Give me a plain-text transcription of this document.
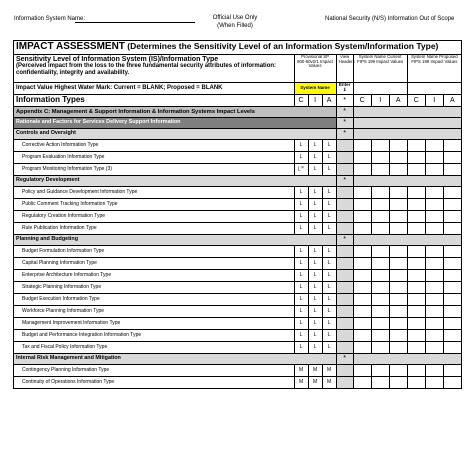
Information System Name:	Official Use Only
(When Filled)
National Security (N/S) Information Out of Scope
IMPACT ASSESSMENT (Determines the Sensitivity Level of an Information System/Information Type)										

Sensitivity Level of Information System (IS)/Information Type
(Perceived impact from the loss to the three fundamental security attributes of information: confidentiality, integrity and availability.	Provisional SP 800-60v2r1 Impact Values			View Headers	System Name Current FIPS 199 Impact Values			System Name Proposed FIPS 199 Impact Values		
Impact Value Highest Water Mark: Current = BLANK; Proposed = BLANK	System Name			Enter
⇓						
Information Types	C	I	A	*	C	I	A	C	I	A
Appendix C: Management & Support Information & Information Systems Impact Levels				*						
Rationale and Factors for Services Delivery Support Information				*						
Controls and Oversight				*						
Corrective Action Information Type	L	L	L							
Program Evaluation Information Type	L	L	L							
Program Monitoring Information Type (3)	$L^{(1)}$	L	L							
Regulatory Development				*						
Policy and Guidance Development Information Type	L	L	L							
Public Comment Tracking Information Type	L	L	L							
Regulatory Creation Information Type	L	L	L							
Rule Publication Information Type	L	L	L							
Planning and Budgeting				*						
Budget Formulation Information Type	L	L	L							
Capital Planning Information Type	L	L	L							
Enterprise Architecture Information Type	L	L	L							
Strategic Planning Information Type	L	L	L							
Budget Execution Information Type	L	L	L							
Workforce Planning Information Type	L	L	L							
Management Improvement Information Type	L	L	L							
Budget and Performance Integration Information Type	L	L	L							
Tax and Fiscal Policy Information Type	L	L	L							
Internal Risk Management and Mitigation				*						
Contingency Planning Information Type	M	M	M							
Continuity of Operations Information Type	M	M	M							
